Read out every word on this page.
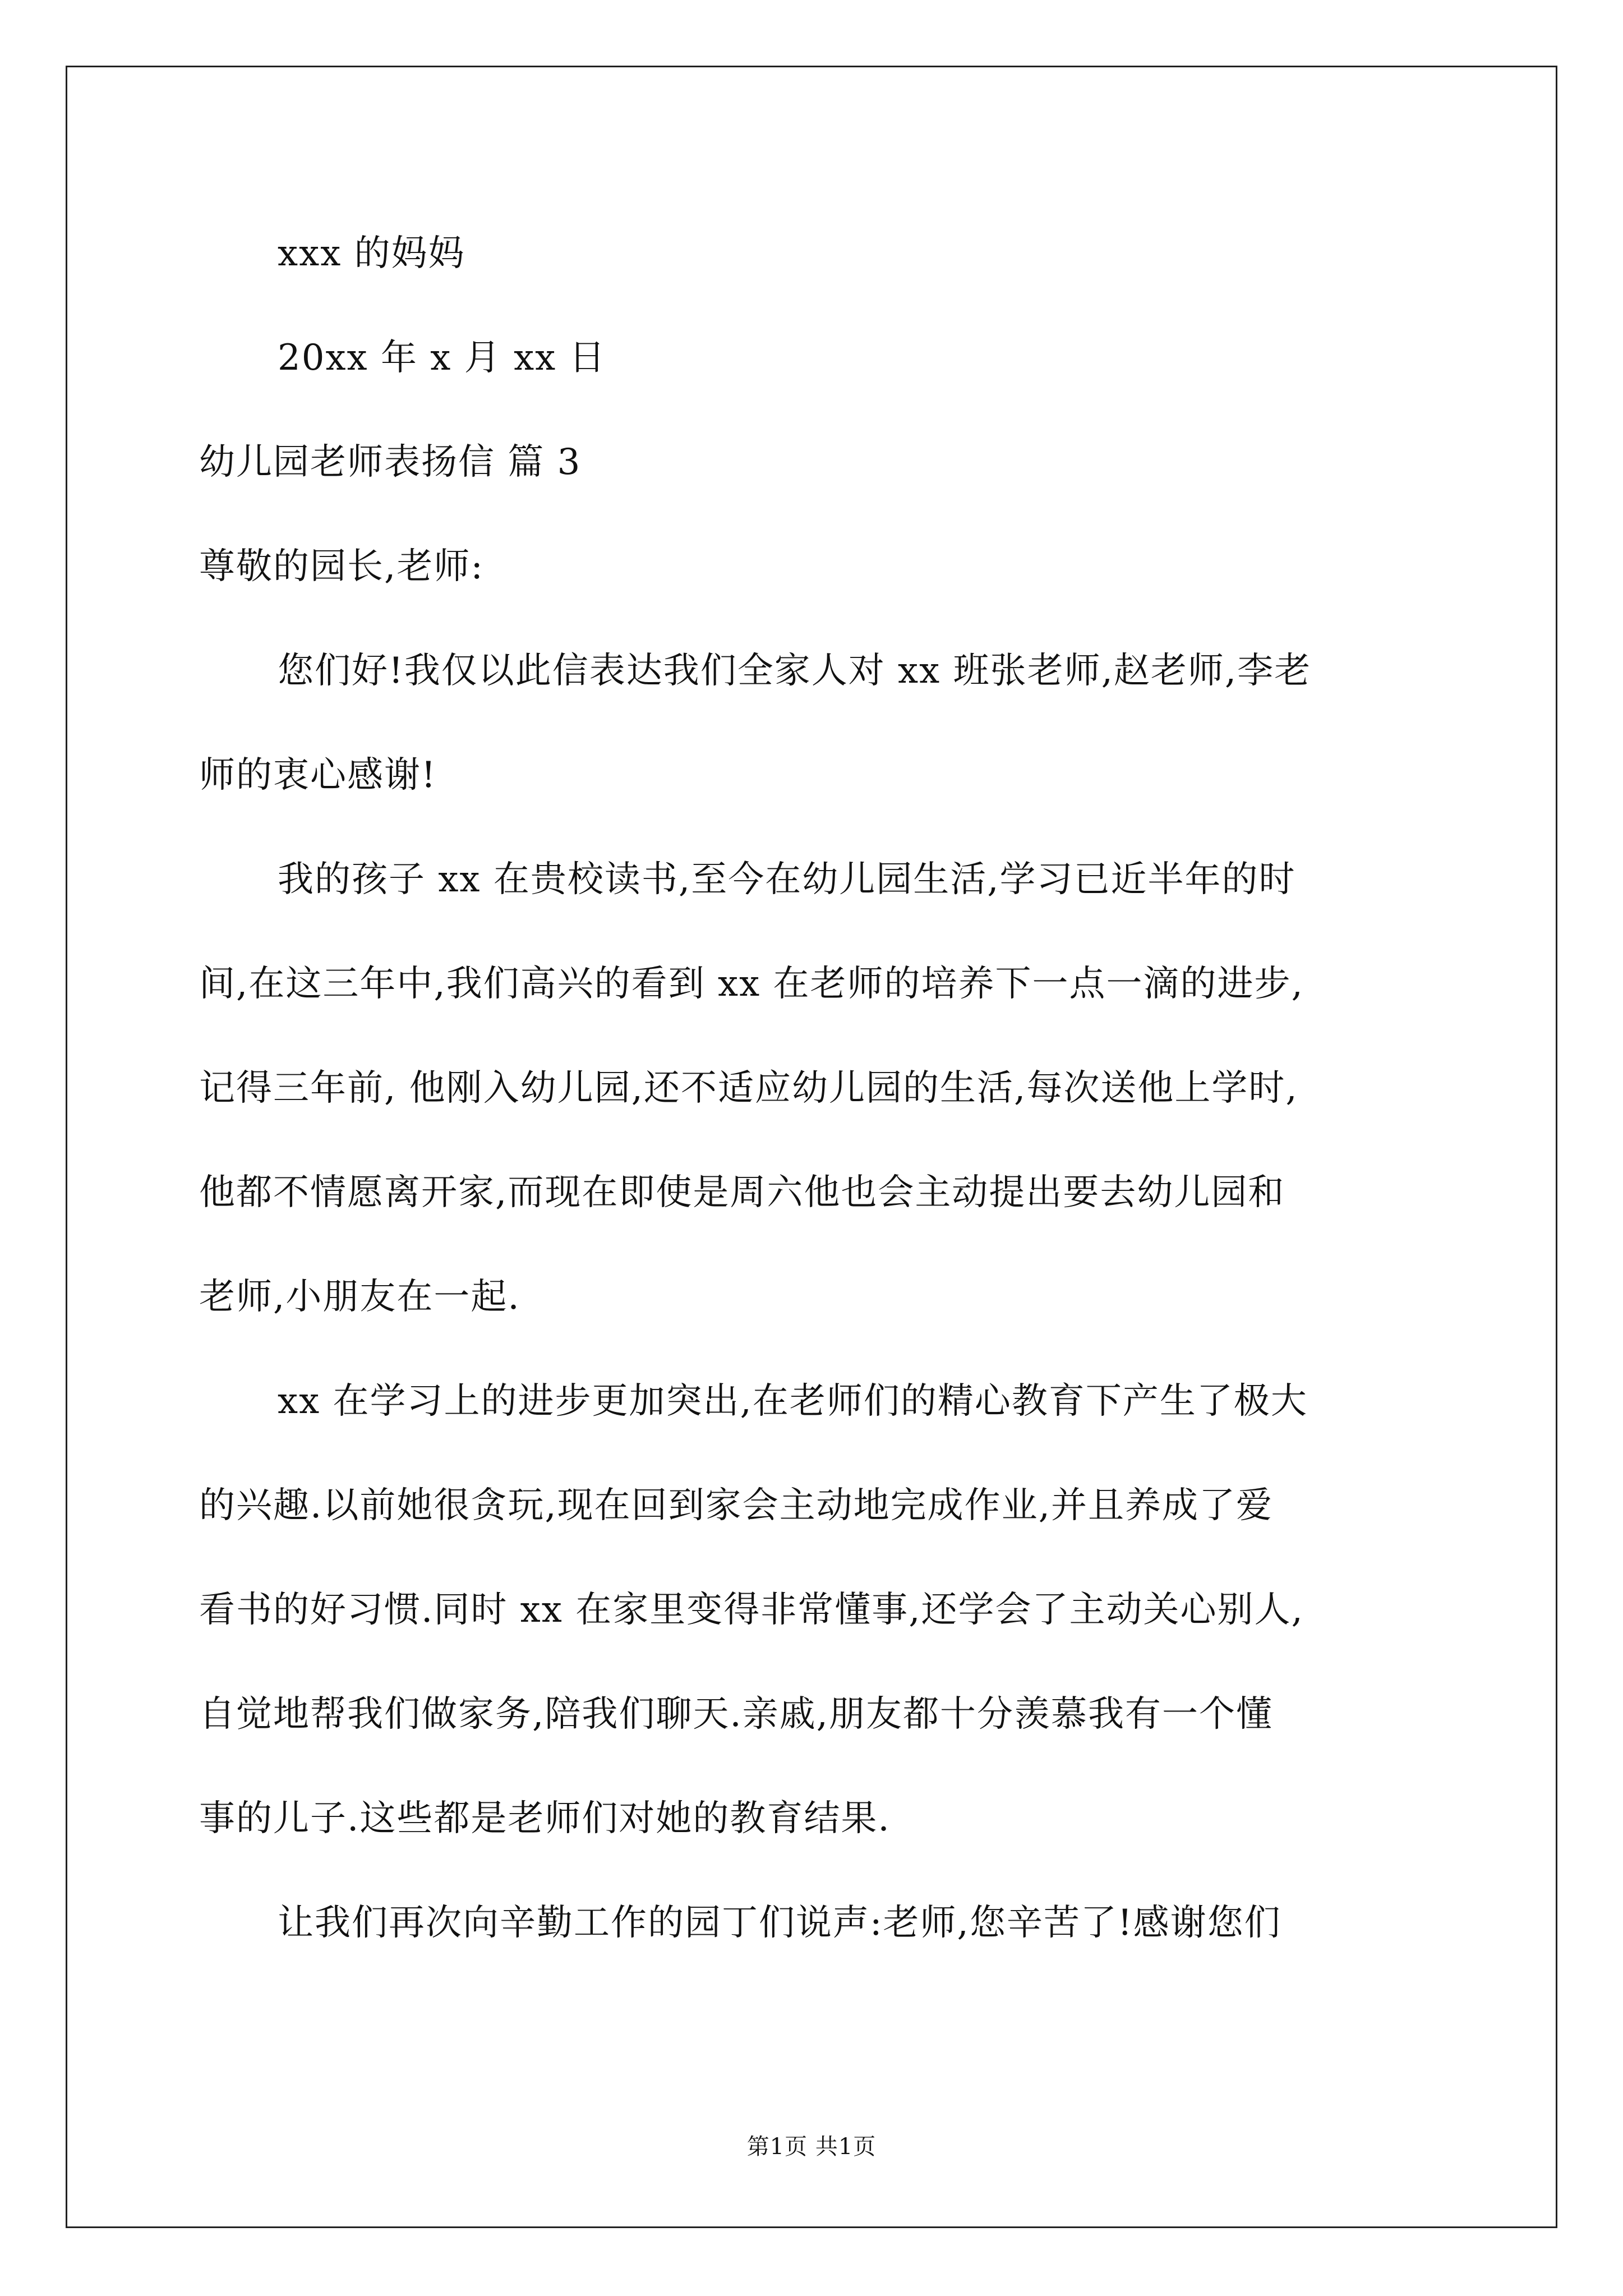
xxx 的妈妈
20xx 年 x 月 xx 日
幼儿园老师表扬信 篇 3
尊敬的园长,老师:
您们好!我仅以此信表达我们全家人对 xx 班张老师,赵老师,李老
师的衷心感谢!
我的孩子 xx 在贵校读书,至今在幼儿园生活,学习已近半年的时
间,在这三年中,我们高兴的看到 xx 在老师的培养下一点一滴的进步,
记得三年前, 他刚入幼儿园,还不适应幼儿园的生活,每次送他上学时,
他都不情愿离开家,而现在即使是周六他也会主动提出要去幼儿园和
老师,小朋友在一起.
xx 在学习上的进步更加突出,在老师们的精心教育下产生了极大
的兴趣.以前她很贪玩,现在回到家会主动地完成作业,并且养成了爱
看书的好习惯.同时 xx 在家里变得非常懂事,还学会了主动关心别人,
自觉地帮我们做家务,陪我们聊天.亲戚,朋友都十分羡慕我有一个懂
事的儿子.这些都是老师们对她的教育结果.
让我们再次向辛勤工作的园丁们说声:老师,您辛苦了!感谢您们
第1页 共1页
